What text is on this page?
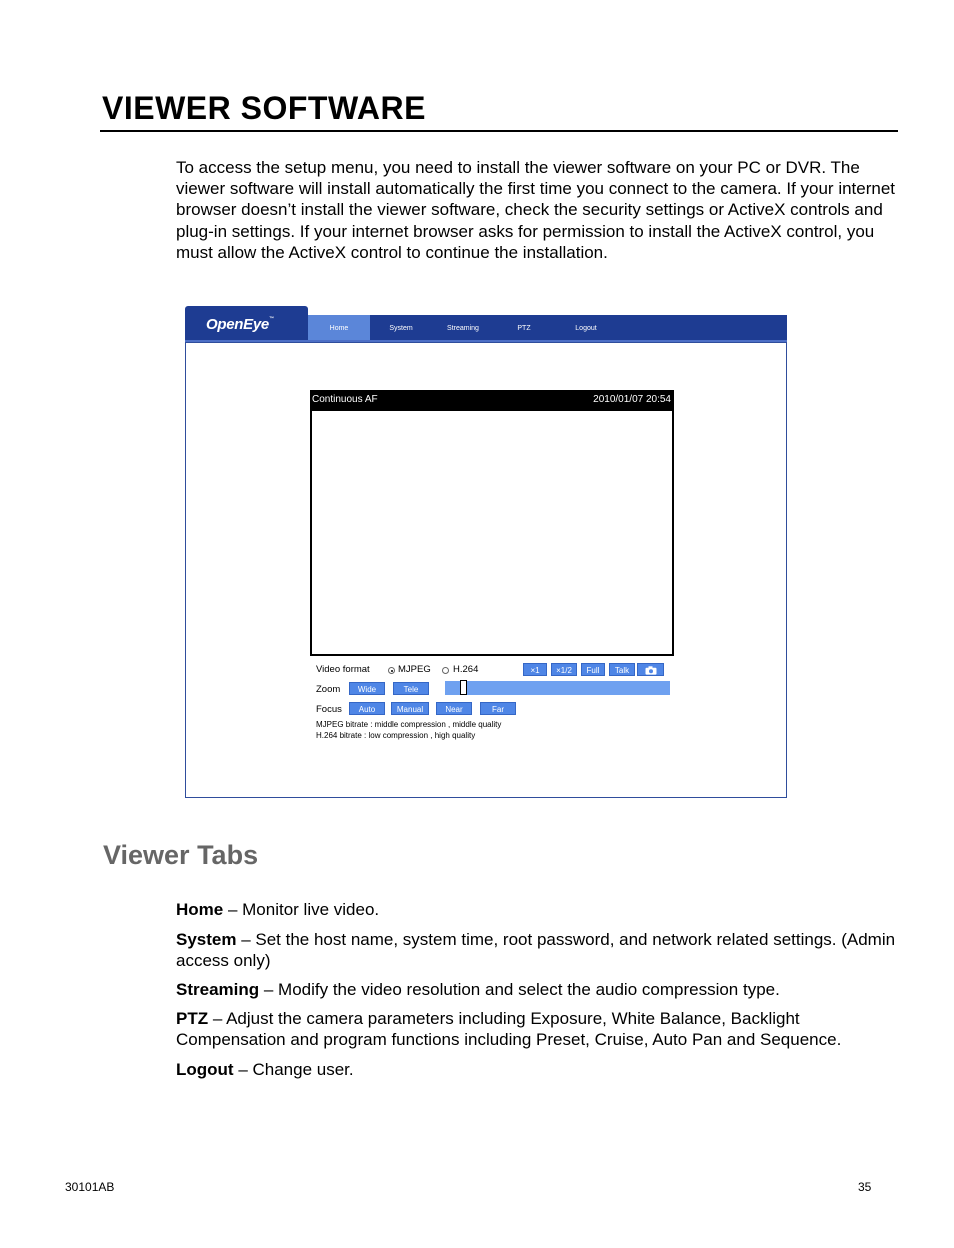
VIEWER SOFTWARE

To access the setup menu, you need to install the viewer software on your PC or DVR. The viewer software will install automatically the first time you connect to the camera. If your internet browser doesn’t install the viewer software, check the security settings or ActiveX controls and plug-in settings. If your internet browser asks for permission to install the ActiveX control, you must allow the ActiveX control to continue the installation.

OpenEye™
Home	System	Streaming	PTZ	Logout
Continuous AF	2010/01/07 20:54
Video format	MJPEG H.264	×1	×1/2	Full	Talk
Zoom	Wide	Tele
Focus	Auto	Manual	Near	Far
MJPEG bitrate : middle compression , middle quality
H.264 bitrate : low compression , high quality
Viewer Tabs

Home – Monitor live video.

System – Set the host name, system time, root password, and network related settings. (Admin access only)

Streaming – Modify the video resolution and select the audio compression type.

PTZ – Adjust the camera parameters including Exposure, White Balance, Backlight Compensation and program functions including Preset, Cruise, Auto Pan and Sequence.

Logout – Change user.

30101AB	35
